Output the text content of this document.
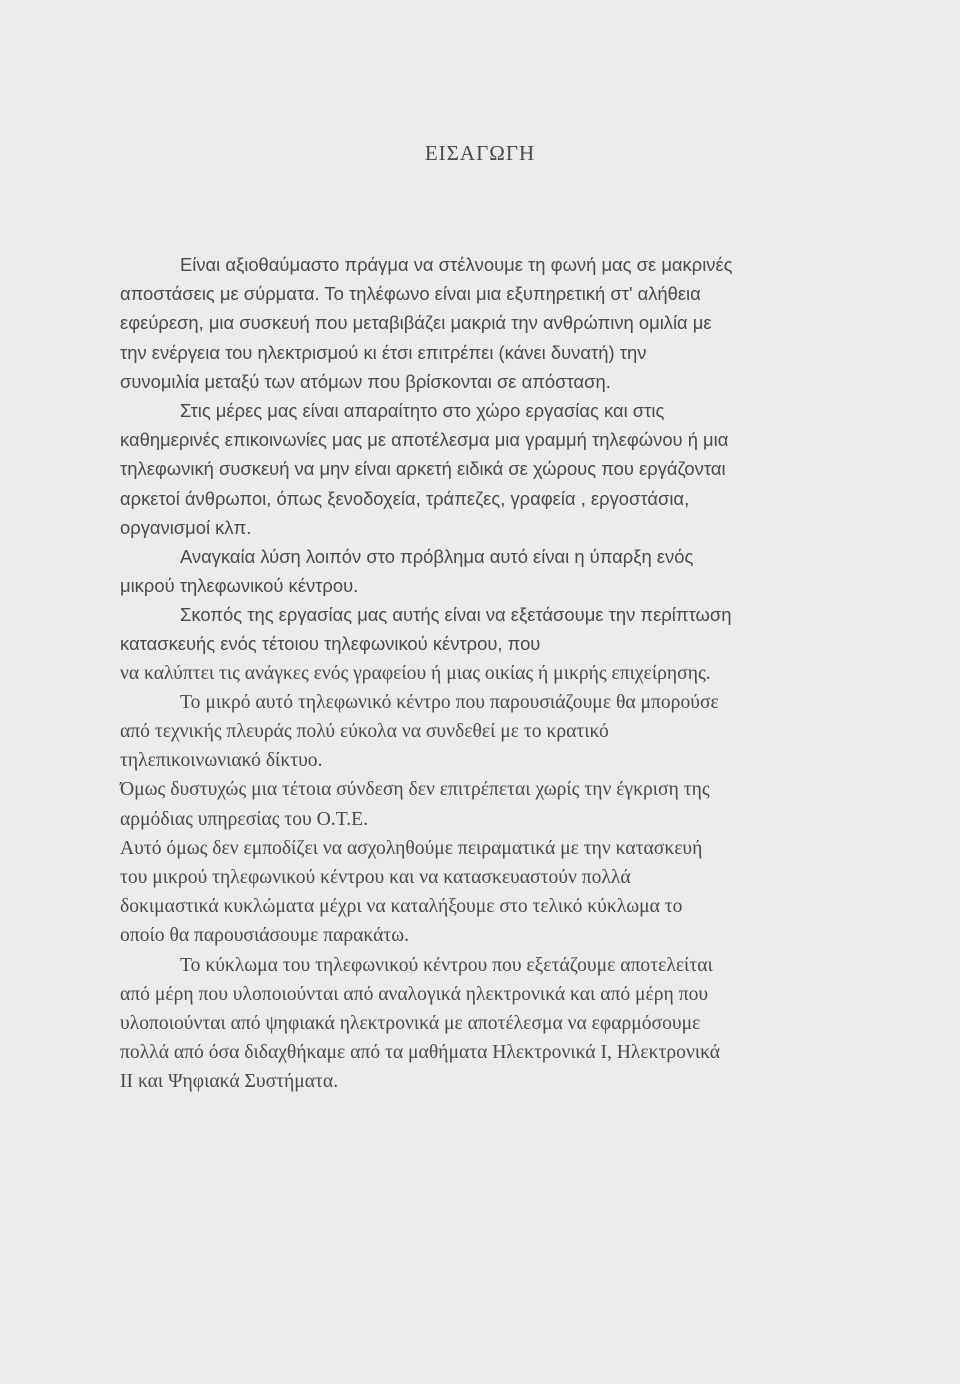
ΕΙΣΑΓΩΓΗ
Είναι αξιοθαύμαστο πράγμα να στέλνουμε τη φωνή μας σε μακρινές
αποστάσεις με σύρματα. Το τηλέφωνο είναι μια εξυπηρετική στ' αλήθεια
εφεύρεση, μια συσκευή που μεταβιβάζει μακριά την ανθρώπινη ομιλία με
την ενέργεια του ηλεκτρισμού κι έτσι επιτρέπει (κάνει δυνατή) την
συνομιλία μεταξύ των ατόμων που βρίσκονται σε απόσταση.
Στις μέρες μας είναι απαραίτητο στο χώρο εργασίας και στις
καθημερινές επικοινωνίες μας με αποτέλεσμα μια γραμμή τηλεφώνου ή μια
τηλεφωνική συσκευή να μην είναι αρκετή ειδικά σε χώρους που εργάζονται
αρκετοί άνθρωποι, όπως ξενοδοχεία, τράπεζες, γραφεία , εργοστάσια,
οργανισμοί κλπ.
Αναγκαία λύση λοιπόν στο πρόβλημα αυτό είναι η ύπαρξη ενός
μικρού τηλεφωνικού κέντρου.
Σκοπός της εργασίας μας αυτής είναι να εξετάσουμε την περίπτωση
κατασκευής ενός τέτοιου τηλεφωνικού κέντρου, που
να καλύπτει τις ανάγκες ενός γραφείου ή μιας οικίας ή μικρής επιχείρησης.
Το μικρό αυτό τηλεφωνικό κέντρο που παρουσιάζουμε θα μπορούσε
από τεχνικής πλευράς πολύ εύκολα να συνδεθεί με το κρατικό
τηλεπικοινωνιακό δίκτυο.
Όμως δυστυχώς μια τέτοια σύνδεση δεν επιτρέπεται χωρίς την έγκριση της
αρμόδιας υπηρεσίας του Ο.Τ.Ε.
Αυτό όμως δεν εμποδίζει να ασχοληθούμε πειραματικά με την κατασκευή
του μικρού τηλεφωνικού κέντρου και να κατασκευαστούν πολλά
δοκιμαστικά κυκλώματα μέχρι να καταλήξουμε στο τελικό κύκλωμα το
οποίο θα παρουσιάσουμε παρακάτω.
Το κύκλωμα του τηλεφωνικού κέντρου που εξετάζουμε αποτελείται
από μέρη που υλοποιούνται από αναλογικά ηλεκτρονικά και από μέρη που
υλοποιούνται από ψηφιακά ηλεκτρονικά με αποτέλεσμα να εφαρμόσουμε
πολλά από όσα διδαχθήκαμε από τα μαθήματα Ηλεκτρονικά Ι, Ηλεκτρονικά
ΙΙ και Ψηφιακά Συστήματα.
